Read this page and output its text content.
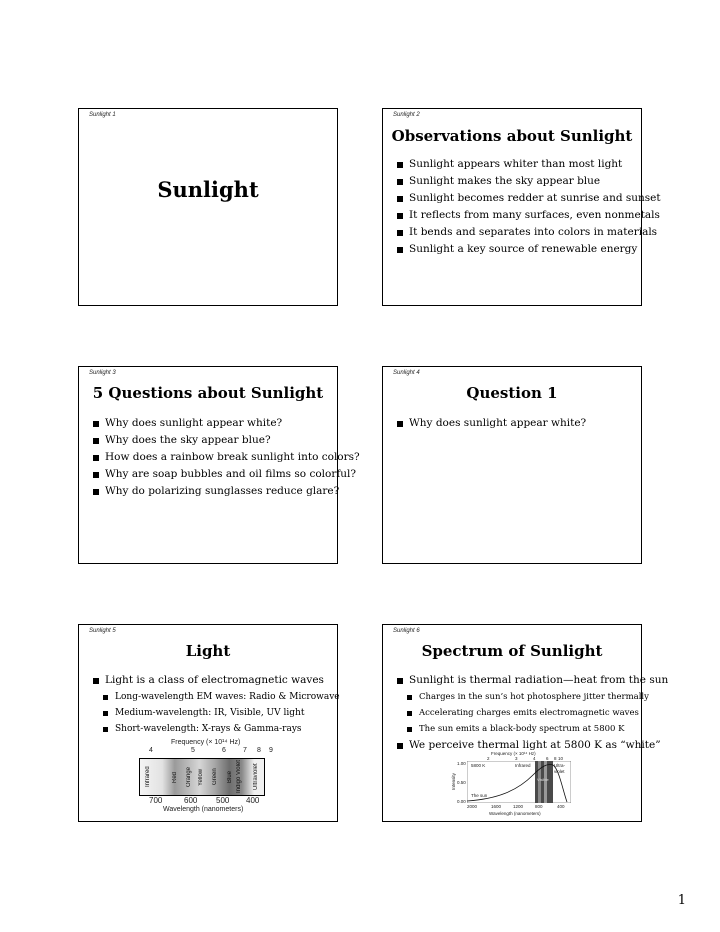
Sunlight 1
Sunlight
Sunlight 2
Observations about Sunlight
Sunlight appears whiter than most light
Sunlight makes the sky appear blue
Sunlight becomes redder at sunrise and sunset
It reflects from many surfaces, even nonmetals
It bends and separates into colors in materials
Sunlight a key source of renewable energy
Sunlight 3
5 Questions about Sunlight
Why does sunlight appear white?
Why does the sky appear blue?
How does a rainbow break sunlight into colors?
Why are soap bubbles and oil films so colorful?
Why do polarizing sunglasses reduce glare?
Sunlight 4
Question 1
Why does sunlight appear white?
Sunlight 5
Light
Light is a class of electromagnetic waves
Long-wavelength EM waves: Radio & Microwave
Medium-wavelength: IR, Visible, UV light
Short-wavelength: X-rays & Gamma-rays
Frequency (× 10¹⁴ Hz)
4	5	6 7 8 9
Infrared	Red	Orange	Yellow	Green	Blue Indigo Violet	Ultraviolet
700	600 500 400
Wavelength (nanometers)
Sunlight 6
Spectrum of Sunlight
Sunlight is thermal radiation—heat from the sun
Charges in the sun’s hot photosphere jitter thermally
Accelerating charges emits electromagnetic waves
The sun emits a black-body spectrum at 5800 K
We perceive thermal light at 5800 K as “white”
Frequency (× 10¹⁴ Hz)
2	3	4 6 8 10
1.00
0.50
0.00
Intensity
5800 K	Infrared
Visible
Ultra-violet
The sun
2000	1600	1200	800	400
Wavelength (nanometers)
1
